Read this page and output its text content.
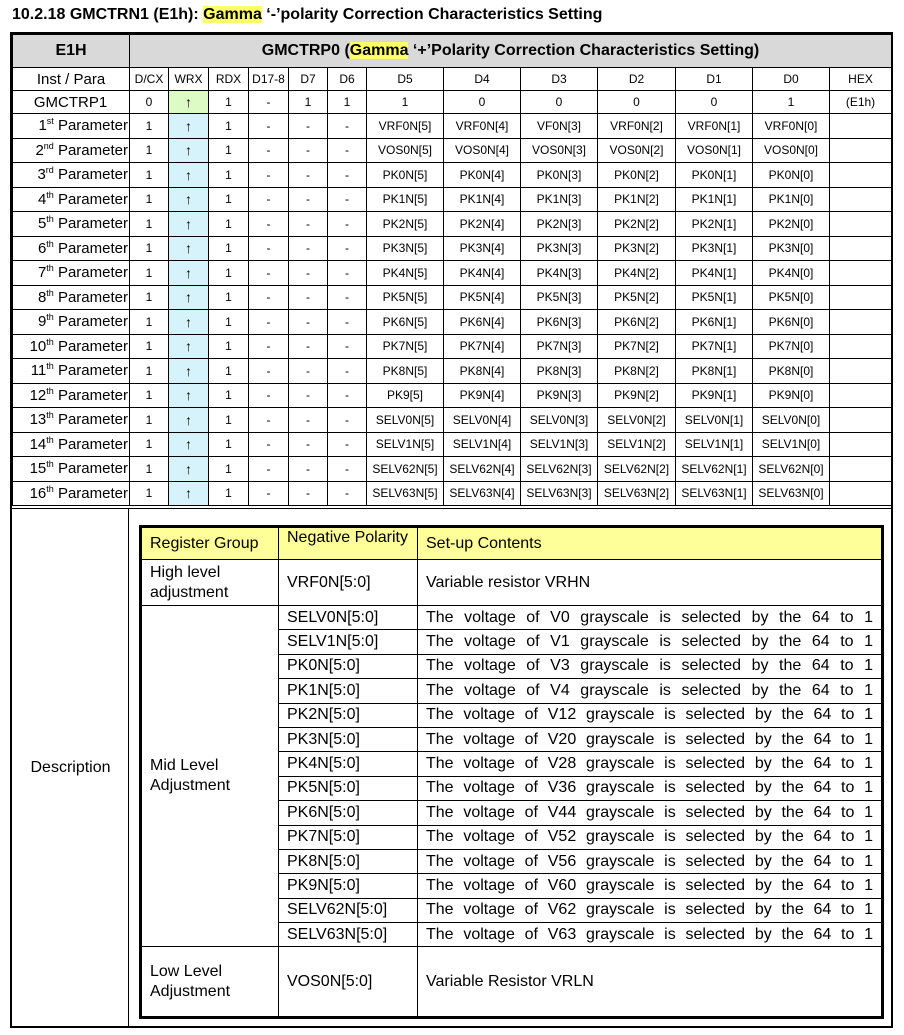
10.2.18 GMCTRN1 (E1h): Gamma ‘-’polarity Correction Characteristics Setting
E1H	GMCTRP0 (Gamma ‘+’Polarity Correction Characteristics Setting)												
Inst / Para	D/CX	WRX	RDX	D17-8	D7	D6	D5	D4	D3	D2	D1	D0	HEX
GMCTRP1	0	↑	1	-	1	1	1	0	0	0	0	1	(E1h)
1st Parameter	1	↑	1	-	-	-	VRF0N[5]	VRF0N[4]	VF0N[3]	VRF0N[2]	VRF0N[1]	VRF0N[0]	
2nd Parameter	1	↑	1	-	-	-	VOS0N[5]	VOS0N[4]	VOS0N[3]	VOS0N[2]	VOS0N[1]	VOS0N[0]	
3rd Parameter	1	↑	1	-	-	-	PK0N[5]	PK0N[4]	PK0N[3]	PK0N[2]	PK0N[1]	PK0N[0]	
4th Parameter	1	↑	1	-	-	-	PK1N[5]	PK1N[4]	PK1N[3]	PK1N[2]	PK1N[1]	PK1N[0]	
5th Parameter	1	↑	1	-	-	-	PK2N[5]	PK2N[4]	PK2N[3]	PK2N[2]	PK2N[1]	PK2N[0]	
6th Parameter	1	↑	1	-	-	-	PK3N[5]	PK3N[4]	PK3N[3]	PK3N[2]	PK3N[1]	PK3N[0]	
7th Parameter	1	↑	1	-	-	-	PK4N[5]	PK4N[4]	PK4N[3]	PK4N[2]	PK4N[1]	PK4N[0]	
8th Parameter	1	↑	1	-	-	-	PK5N[5]	PK5N[4]	PK5N[3]	PK5N[2]	PK5N[1]	PK5N[0]	
9th Parameter	1	↑	1	-	-	-	PK6N[5]	PK6N[4]	PK6N[3]	PK6N[2]	PK6N[1]	PK6N[0]	
10th Parameter	1	↑	1	-	-	-	PK7N[5]	PK7N[4]	PK7N[3]	PK7N[2]	PK7N[1]	PK7N[0]	
11th Parameter	1	↑	1	-	-	-	PK8N[5]	PK8N[4]	PK8N[3]	PK8N[2]	PK8N[1]	PK8N[0]	
12th Parameter	1	↑	1	-	-	-	PK9[5]	PK9N[4]	PK9N[3]	PK9N[2]	PK9N[1]	PK9N[0]	
13th Parameter	1	↑	1	-	-	-	SELV0N[5]	SELV0N[4]	SELV0N[3]	SELV0N[2]	SELV0N[1]	SELV0N[0]	
14th Parameter	1	↑	1	-	-	-	SELV1N[5]	SELV1N[4]	SELV1N[3]	SELV1N[2]	SELV1N[1]	SELV1N[0]	
15th Parameter	1	↑	1	-	-	-	SELV62N[5]	SELV62N[4]	SELV62N[3]	SELV62N[2]	SELV62N[1]	SELV62N[0]	
16th Parameter	1	↑	1	-	-	-	SELV63N[5]	SELV63N[4]	SELV63N[3]	SELV63N[2]	SELV63N[1]	SELV63N[0]	
Description
Register Group	Negative Polarity	Set-up Contents
High level adjustment	VRF0N[5:0]	Variable resistor VRHN
Mid Level Adjustment	SELV0N[5:0]	The voltage of V0 grayscale is selected by the 64 to 1
	SELV1N[5:0]	The voltage of V1 grayscale is selected by the 64 to 1
	PK0N[5:0]	The voltage of V3 grayscale is selected by the 64 to 1
	PK1N[5:0]	The voltage of V4 grayscale is selected by the 64 to 1
	PK2N[5:0]	The voltage of V12 grayscale is selected by the 64 to 1
	PK3N[5:0]	The voltage of V20 grayscale is selected by the 64 to 1
	PK4N[5:0]	The voltage of V28 grayscale is selected by the 64 to 1
	PK5N[5:0]	The voltage of V36 grayscale is selected by the 64 to 1
	PK6N[5:0]	The voltage of V44 grayscale is selected by the 64 to 1
	PK7N[5:0]	The voltage of V52 grayscale is selected by the 64 to 1
	PK8N[5:0]	The voltage of V56 grayscale is selected by the 64 to 1
	PK9N[5:0]	The voltage of V60 grayscale is selected by the 64 to 1
	SELV62N[5:0]	The voltage of V62 grayscale is selected by the 64 to 1
	SELV63N[5:0]	The voltage of V63 grayscale is selected by the 64 to 1
Low Level Adjustment	VOS0N[5:0]	Variable Resistor VRLN
